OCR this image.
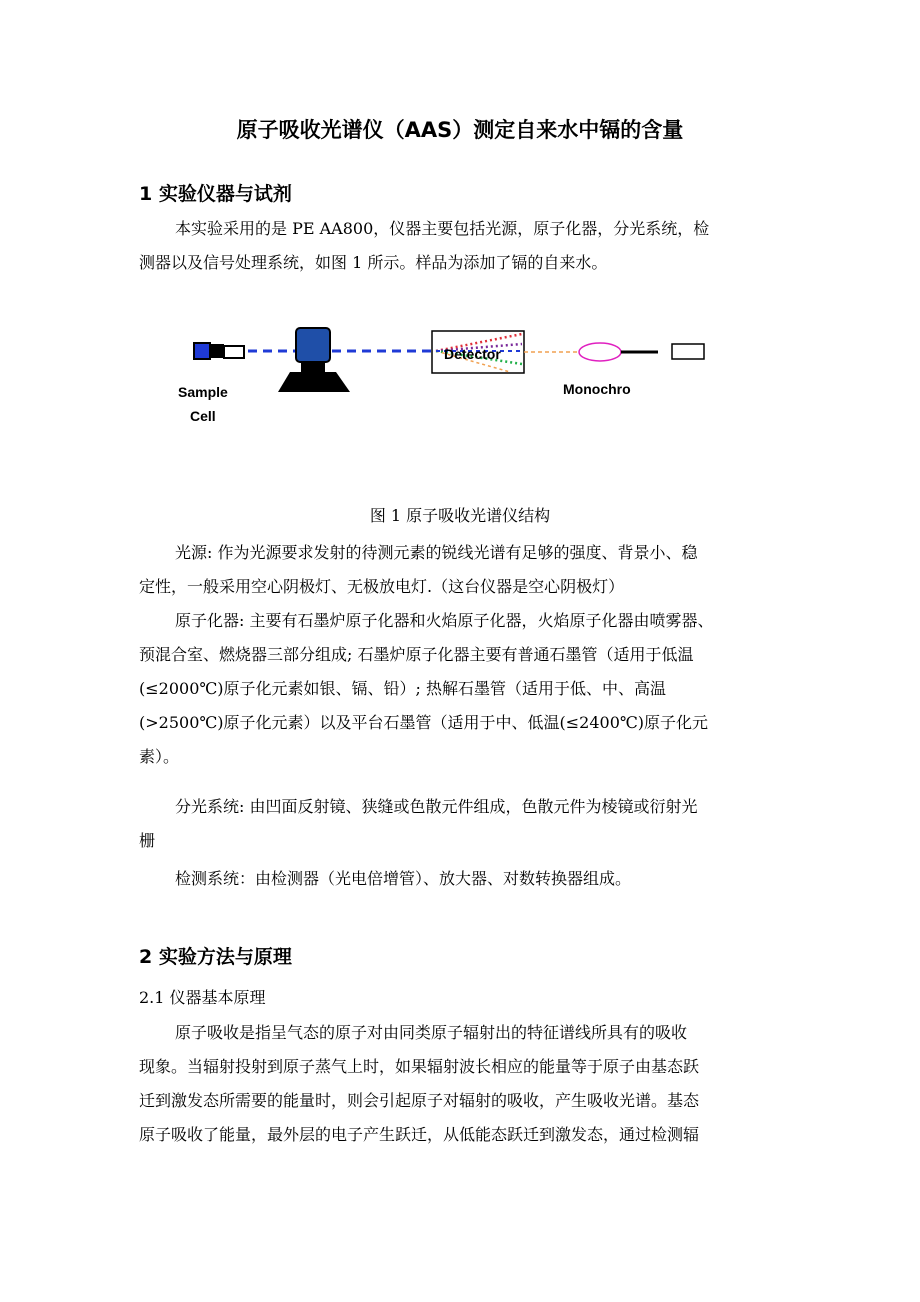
原子吸收光谱仪（AAS）测定自来水中镉的含量
1 实验仪器与试剂
本实验采用的是 PE AA800，仪器主要包括光源，原子化器，分光系统，检
测器以及信号处理系统，如图 1 所示。样品为添加了镉的自来水。
Sample
Cell
Detector
Monochro
图 1 原子吸收光谱仪结构
光源: 作为光源要求发射的待测元素的锐线光谱有足够的强度、背景小、稳
定性，一般采用空心阴极灯、无极放电灯.（这台仪器是空心阴极灯）
原子化器: 主要有石墨炉原子化器和火焰原子化器，火焰原子化器由喷雾器、
预混合室、燃烧器三部分组成; 石墨炉原子化器主要有普通石墨管（适用于低温
(≤2000℃)原子化元素如银、镉、铅）; 热解石墨管（适用于低、中、高温
(>2500℃)原子化元素）以及平台石墨管（适用于中、低温(≤2400℃)原子化元
素）。
分光系统: 由凹面反射镜、狭缝或色散元件组成，色散元件为棱镜或衍射光
栅
检测系统：由检测器（光电倍增管）、放大器、对数转换器组成。
2 实验方法与原理
2.1 仪器基本原理
原子吸收是指呈气态的原子对由同类原子辐射出的特征谱线所具有的吸收
现象。当辐射投射到原子蒸气上时，如果辐射波长相应的能量等于原子由基态跃
迁到激发态所需要的能量时，则会引起原子对辐射的吸收，产生吸收光谱。基态
原子吸收了能量，最外层的电子产生跃迁，从低能态跃迁到激发态，通过检测辐
